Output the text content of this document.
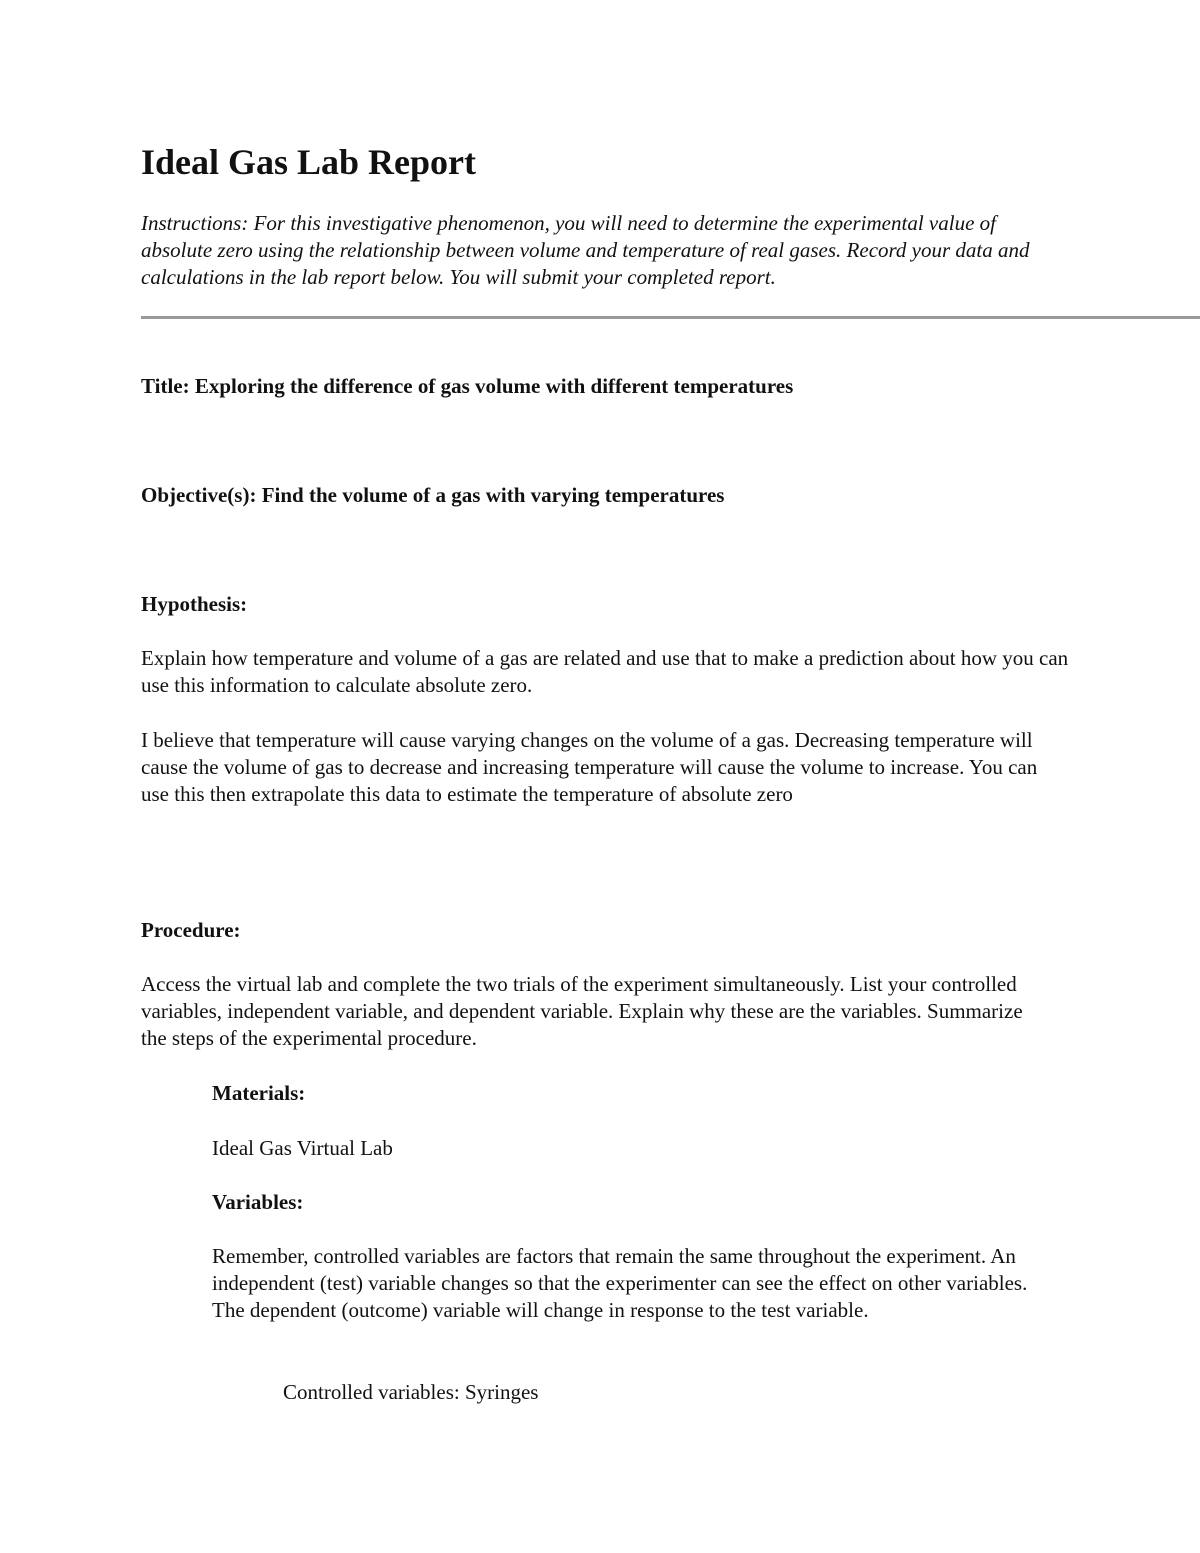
Ideal Gas Lab Report
Instructions: For this investigative phenomenon, you will need to determine the experimental value of absolute zero using the relationship between volume and temperature of real gases. Record your data and calculations in the lab report below. You will submit your completed report.
Title: Exploring the difference of gas volume with different temperatures
Objective(s): Find the volume of a gas with varying temperatures
Hypothesis:
Explain how temperature and volume of a gas are related and use that to make a prediction about how you can use this information to calculate absolute zero.
I believe that temperature will cause varying changes on the volume of a gas. Decreasing temperature will cause the volume of gas to decrease and increasing temperature will cause the volume to increase. You can use this then extrapolate this data to estimate the temperature of absolute zero
Procedure:
Access the virtual lab and complete the two trials of the experiment simultaneously. List your controlled variables, independent variable, and dependent variable. Explain why these are the variables. Summarize the steps of the experimental procedure.
Materials:
Ideal Gas Virtual Lab
Variables:
Remember, controlled variables are factors that remain the same throughout the experiment. An independent (test) variable changes so that the experimenter can see the effect on other variables. The dependent (outcome) variable will change in response to the test variable.
Controlled variables: Syringes
